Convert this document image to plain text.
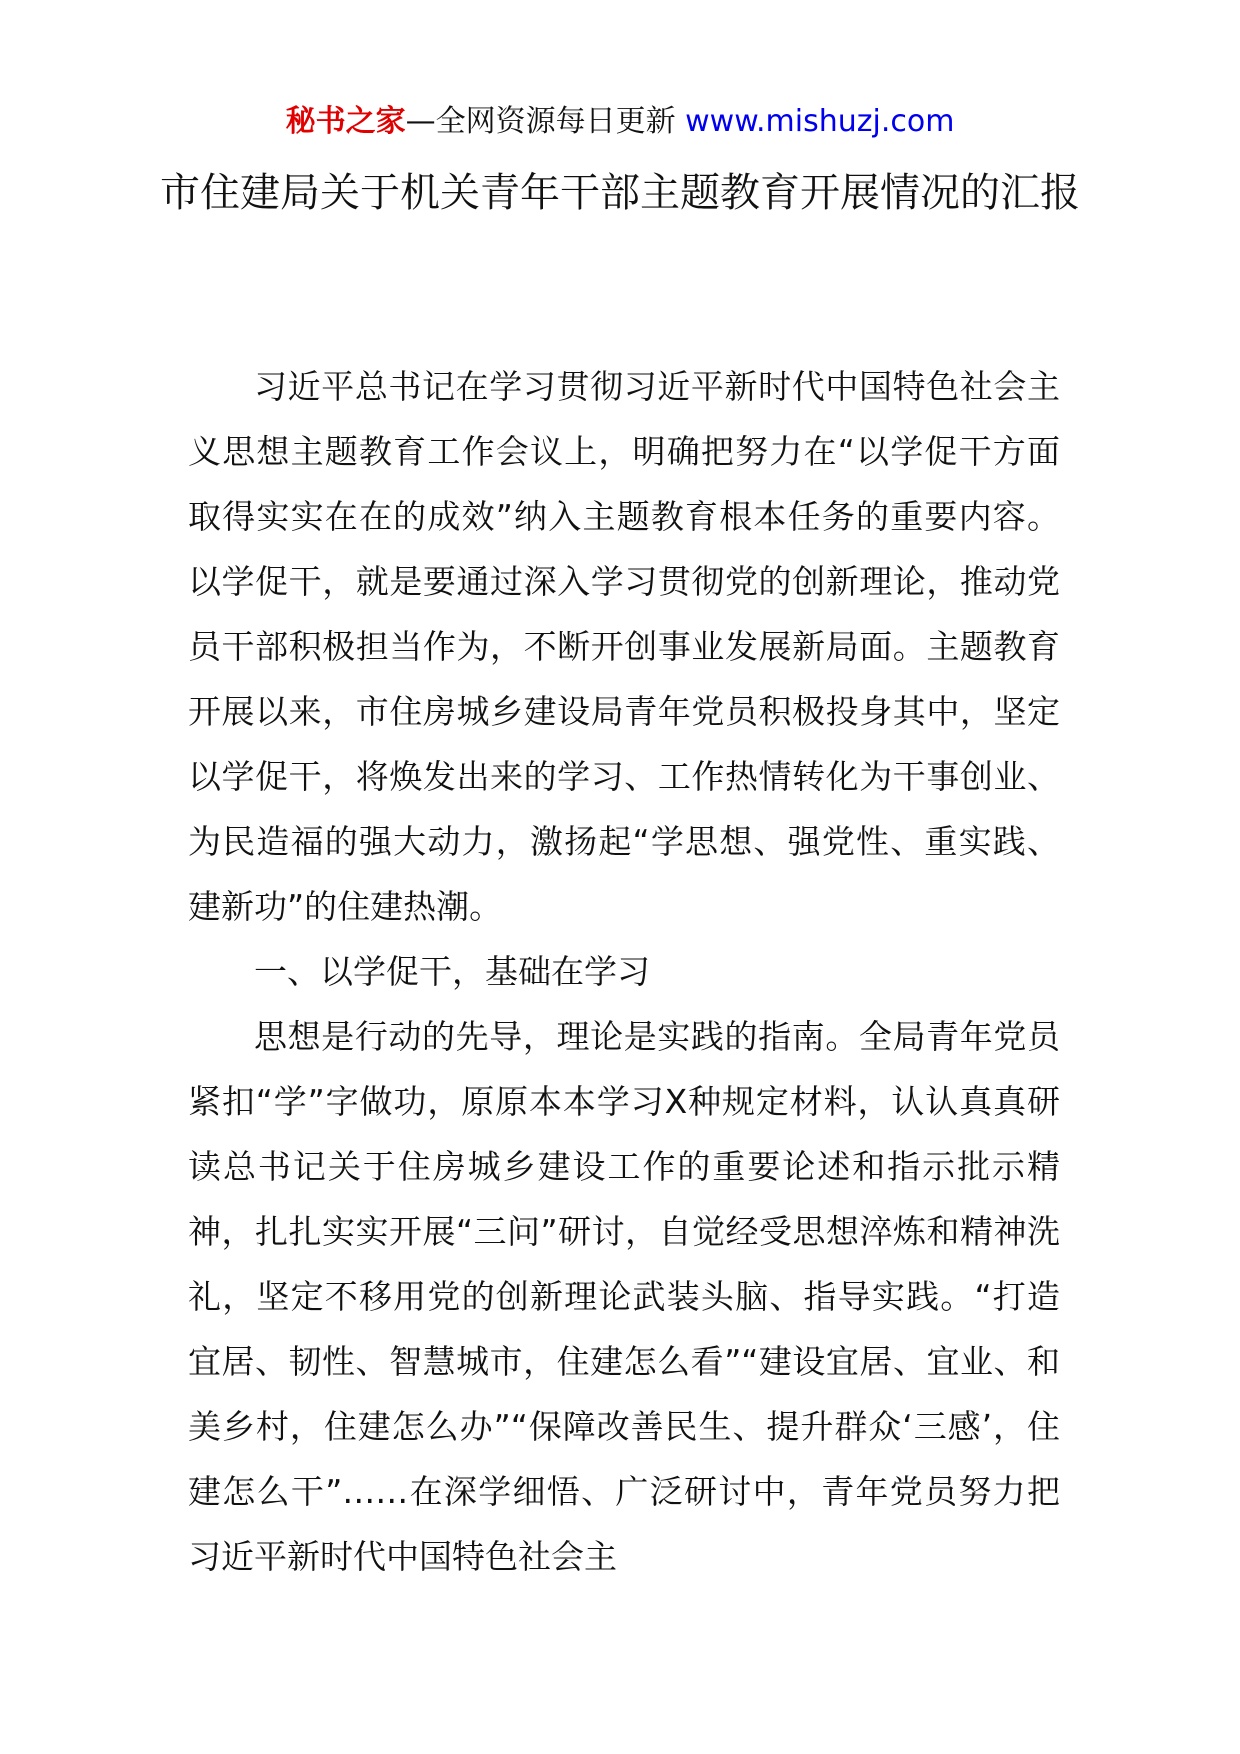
秘书之家—全网资源每日更新 www.mishuzj.com
市住建局关于机关青年干部主题教育开展情况的汇报

习近平总书记在学习贯彻习近平新时代中国特色社会主义思想主题教育工作会议上，明确把努力在“以学促干方面取得实实在在的成效”纳入主题教育根本任务的重要内容。以学促干，就是要通过深入学习贯彻党的创新理论，推动党员干部积极担当作为，不断开创事业发展新局面。主题教育开展以来，市住房城乡建设局青年党员积极投身其中，坚定以学促干，将焕发出来的学习、工作热情转化为干事创业、为民造福的强大动力，激扬起“学思想、强党性、重实践、建新功”的住建热潮。

一、以学促干，基础在学习

思想是行动的先导，理论是实践的指南。全局青年党员紧扣“学”字做功，原原本本学习X种规定材料，认认真真研读总书记关于住房城乡建设工作的重要论述和指示批示精神，扎扎实实开展“三问”研讨，自觉经受思想淬炼和精神洗礼，坚定不移用党的创新理论武装头脑、指导实践。“打造宜居、韧性、智慧城市，住建怎么看”“建设宜居、宜业、和美乡村，住建怎么办”“保障改善民生、提升群众‘三感’，住建怎么干”……在深学细悟、广泛研讨中，青年党员努力把习近平新时代中国特色社会主
